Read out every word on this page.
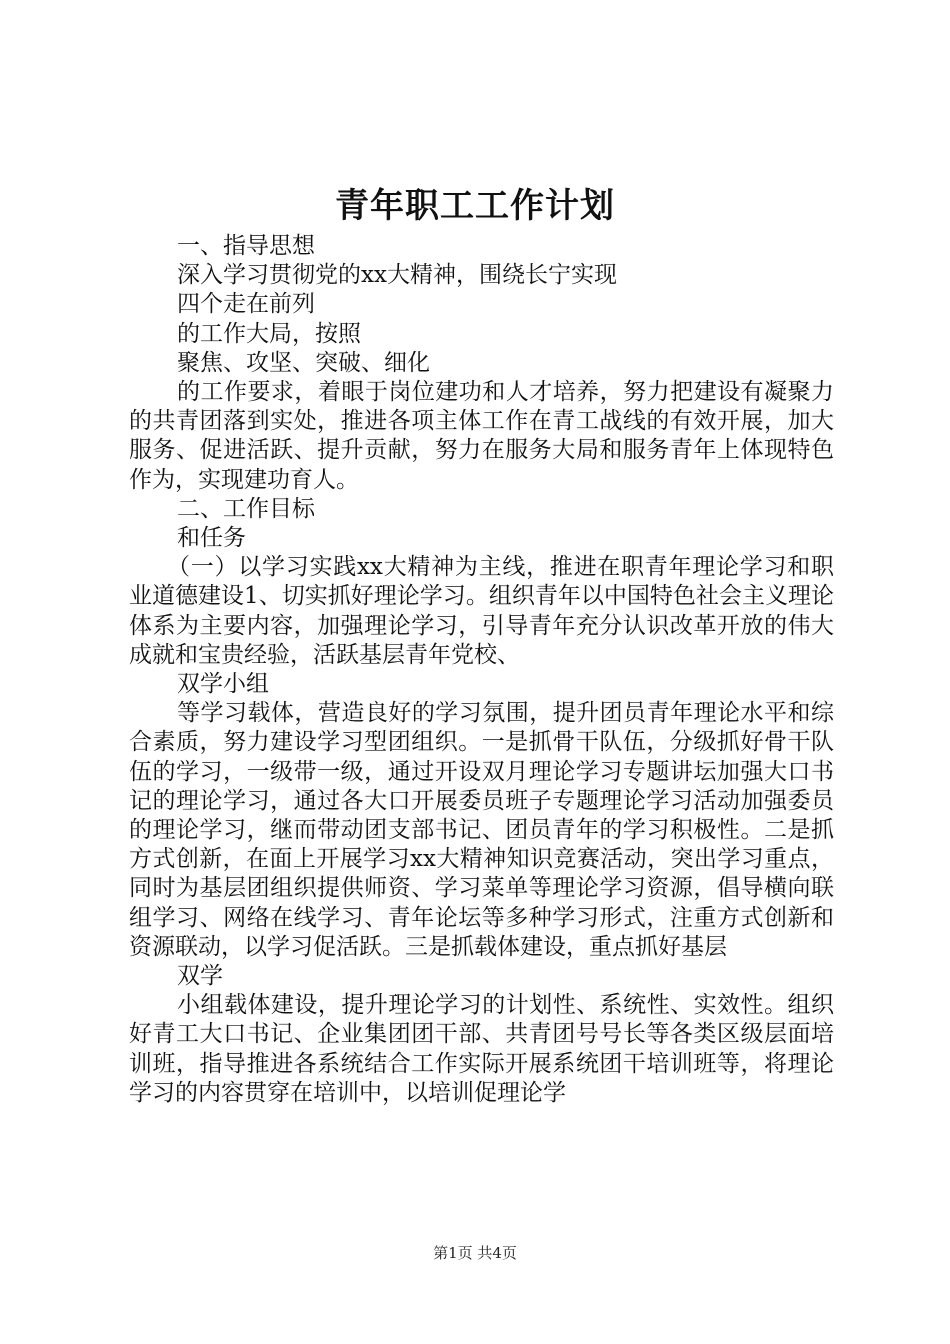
青年职工工作计划
一、指导思想
深入学习贯彻党的xx大精神，围绕长宁实现
四个走在前列
的工作大局，按照
聚焦、攻坚、突破、细化
的工作要求，着眼于岗位建功和人才培养，努力把建设有凝聚力的共青团落到实处，推进各项主体工作在青工战线的有效开展，加大服务、促进活跃、提升贡献，努力在服务大局和服务青年上体现特色作为，实现建功育人。
二、工作目标
和任务
（一）以学习实践xx大精神为主线，推进在职青年理论学习和职业道德建设1、切实抓好理论学习。组织青年以中国特色社会主义理论体系为主要内容，加强理论学习，引导青年充分认识改革开放的伟大成就和宝贵经验，活跃基层青年党校、
双学小组
等学习载体，营造良好的学习氛围，提升团员青年理论水平和综合素质，努力建设学习型团组织。一是抓骨干队伍，分级抓好骨干队伍的学习，一级带一级，通过开设双月理论学习专题讲坛加强大口书记的理论学习，通过各大口开展委员班子专题理论学习活动加强委员的理论学习，继而带动团支部书记、团员青年的学习积极性。二是抓方式创新，在面上开展学习xx大精神知识竞赛活动，突出学习重点，同时为基层团组织提供师资、学习菜单等理论学习资源，倡导横向联组学习、网络在线学习、青年论坛等多种学习形式，注重方式创新和资源联动，以学习促活跃。三是抓载体建设，重点抓好基层
双学
小组载体建设，提升理论学习的计划性、系统性、实效性。组织好青工大口书记、企业集团团干部、共青团号号长等各类区级层面培训班，指导推进各系统结合工作实际开展系统团干培训班等，将理论学习的内容贯穿在培训中，以培训促理论学
第1页 共4页
